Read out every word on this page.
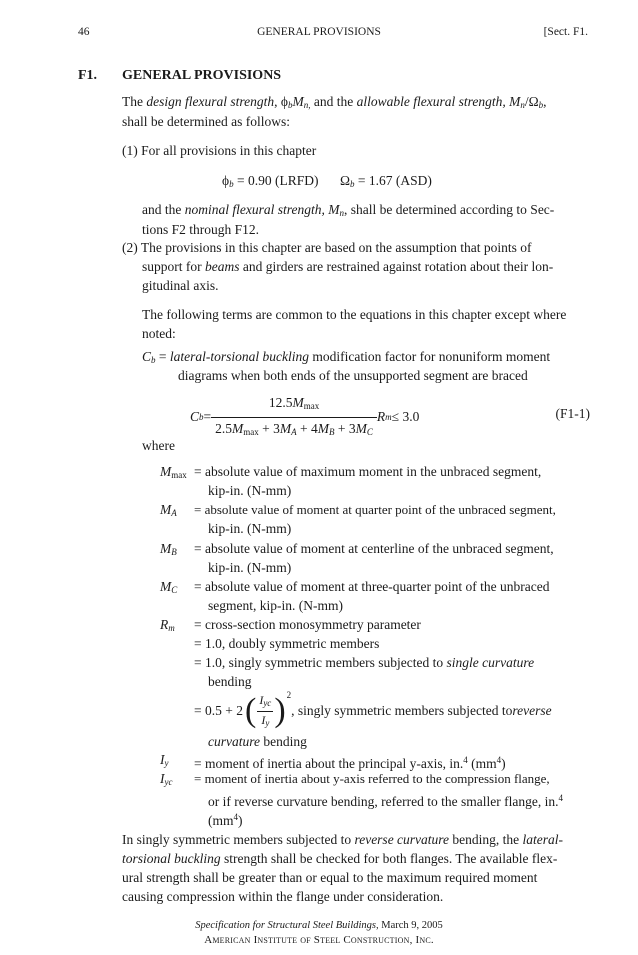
46	GENERAL PROVISIONS	[Sect. F1.
F1. GENERAL PROVISIONS
The design flexural strength, $\phi_bM_{n,}$ and the allowable flexural strength, $M_n/\Omega_b$,
shall be determined as follows:
(1) For all provisions in this chapter
$\phi_b = 0.90$ (LRFD) $\Omega_b = 1.67$ (ASD)
and the nominal flexural strength, $M_n$, shall be determined according to Sec-
tions F2 through F12.
(2) The provisions in this chapter are based on the assumption that points of
support for beams and girders are restrained against rotation about their lon-
gitudinal axis.
The following terms are common to the equations in this chapter except where
noted:
$C_b$ = lateral-torsional buckling modification factor for nonuniform moment
diagrams when both ends of the unsupported segment are braced
C $b = \frac{12.5M_{max}}{2.5M_{max} + 3M_A + 4M_B + 3M_C}$ R m ≤ 3.0	(F1-1)
where
$M_{max}$ = absolute value of maximum moment in the unbraced segment,
kip-in. (N-mm)
$M_A$ = absolute value of moment at quarter point of the unbraced segment,
kip-in. (N-mm)
$M_B$ = absolute value of moment at centerline of the unbraced segment,
kip-in. (N-mm)
$M_C$ = absolute value of moment at three-quarter point of the unbraced
segment, kip-in. (N-mm)
$R_m$ = cross-section monosymmetry parameter
= 1.0, doubly symmetric members
= 1.0, singly symmetric members subjected to single curvature
bending
= 0.5 + 2 ( $\frac{I_{yc}}{I_y}$ ) 2
, singly symmetric members subjected to reverse
curvature bending
$I_y$ = moment of inertia about the principal y-axis, in.$^4$ $(mm^4)$
$I_{yc}$ = moment of inertia about y-axis referred to the compression flange,
or if reverse curvature bending, referred to the smaller flange, in.$^4$
$(mm^4)$
In singly symmetric members subjected to reverse curvature bending, the lateral-
torsional buckling strength shall be checked for both flanges. The available flex-
ural strength shall be greater than or equal to the maximum required moment
causing compression within the flange under consideration.
Specification for Structural Steel Buildings, March 9, 2005
American Institute of Steel Construction, Inc.
